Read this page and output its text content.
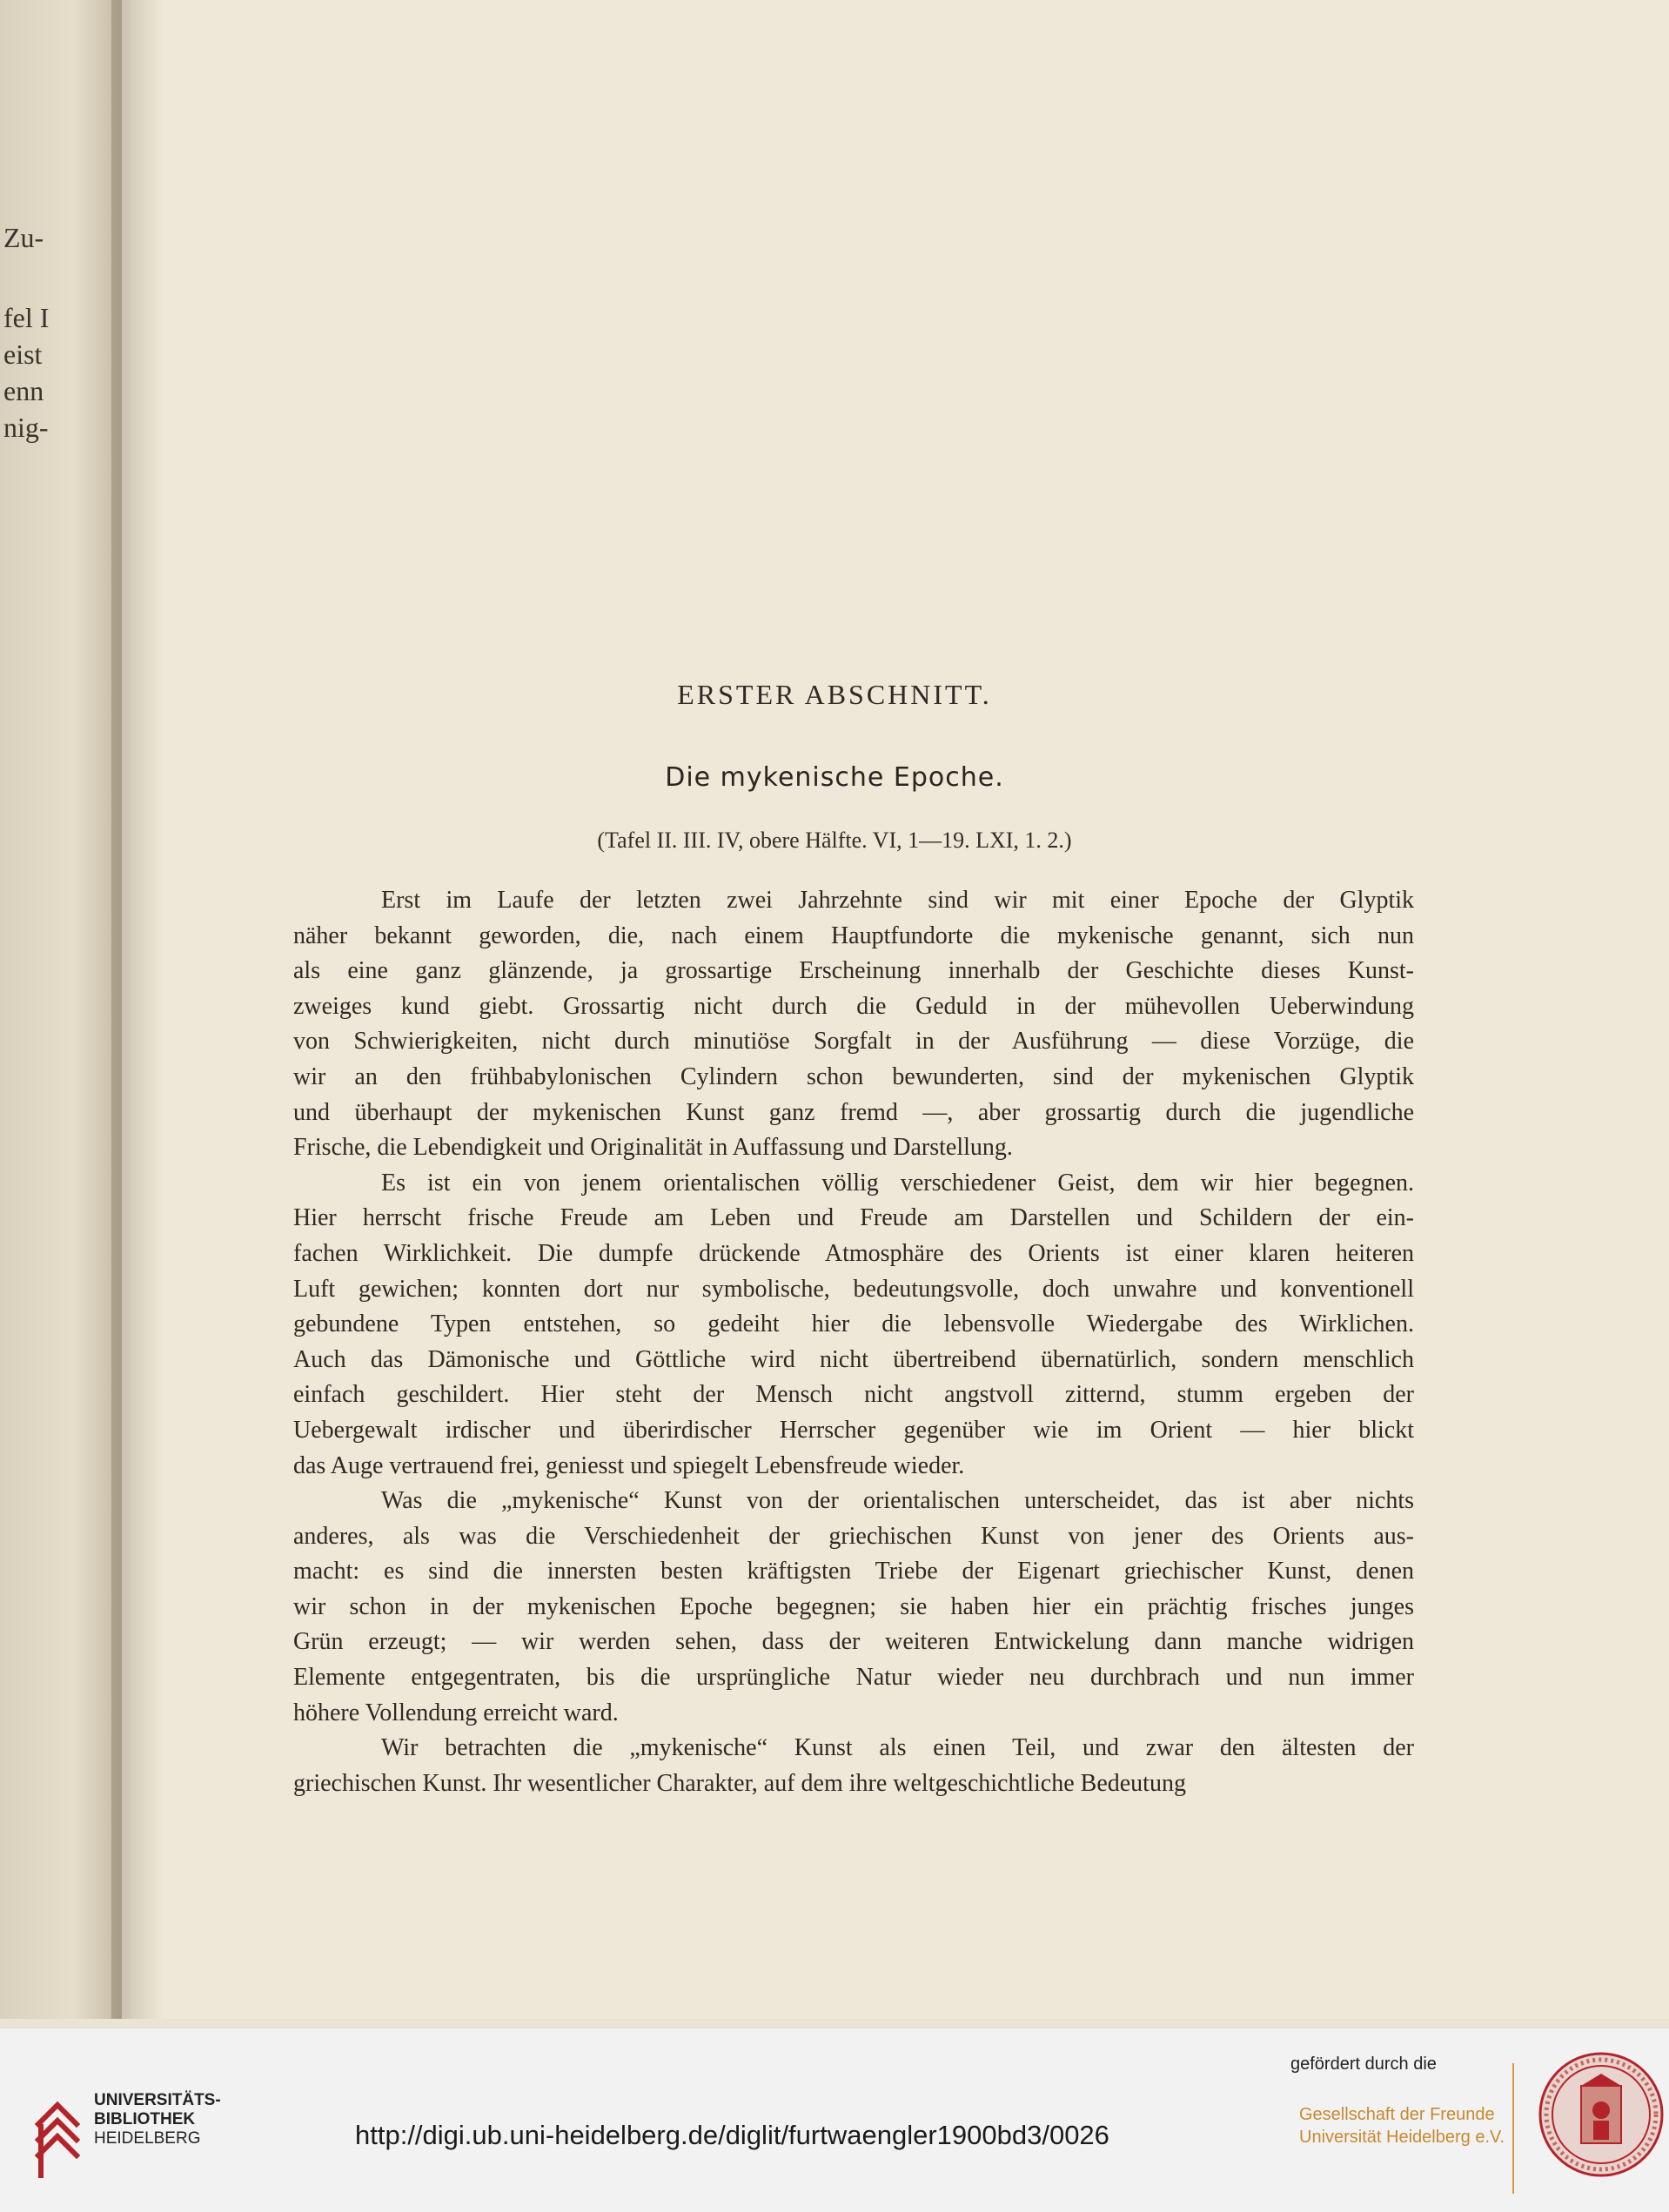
Zu-
fel I
eist
enn
nig-
ERSTER ABSCHNITT.
Die mykenische Epoche.
(Tafel II. III. IV, obere Hälfte. VI, 1—19. LXI, 1. 2.)
Erst im Laufe der letzten zwei Jahrzehnte sind wir mit einer Epoche der Glyptik
näher bekannt geworden, die, nach einem Hauptfundorte die mykenische genannt, sich nun
als eine ganz glänzende, ja grossartige Erscheinung innerhalb der Geschichte dieses Kunst-
zweiges kund giebt. Grossartig nicht durch die Geduld in der mühevollen Ueberwindung
von Schwierigkeiten, nicht durch minutiöse Sorgfalt in der Ausführung — diese Vorzüge, die
wir an den frühbabylonischen Cylindern schon bewunderten, sind der mykenischen Glyptik
und überhaupt der mykenischen Kunst ganz fremd —, aber grossartig durch die jugendliche
Frische, die Lebendigkeit und Originalität in Auffassung und Darstellung.
Es ist ein von jenem orientalischen völlig verschiedener Geist, dem wir hier begegnen.
Hier herrscht frische Freude am Leben und Freude am Darstellen und Schildern der ein-
fachen Wirklichkeit. Die dumpfe drückende Atmosphäre des Orients ist einer klaren heiteren
Luft gewichen; konnten dort nur symbolische, bedeutungsvolle, doch unwahre und konventionell
gebundene Typen entstehen, so gedeiht hier die lebensvolle Wiedergabe des Wirklichen.
Auch das Dämonische und Göttliche wird nicht übertreibend übernatürlich, sondern menschlich
einfach geschildert. Hier steht der Mensch nicht angstvoll zitternd, stumm ergeben der
Uebergewalt irdischer und überirdischer Herrscher gegenüber wie im Orient — hier blickt
das Auge vertrauend frei, geniesst und spiegelt Lebensfreude wieder.
Was die „mykenische“ Kunst von der orientalischen unterscheidet, das ist aber nichts
anderes, als was die Verschiedenheit der griechischen Kunst von jener des Orients aus-
macht: es sind die innersten besten kräftigsten Triebe der Eigenart griechischer Kunst, denen
wir schon in der mykenischen Epoche begegnen; sie haben hier ein prächtig frisches junges
Grün erzeugt; — wir werden sehen, dass der weiteren Entwickelung dann manche widrigen
Elemente entgegentraten, bis die ursprüngliche Natur wieder neu durchbrach und nun immer
höhere Vollendung erreicht ward.
Wir betrachten die „mykenische“ Kunst als einen Teil, und zwar den ältesten der
griechischen Kunst. Ihr wesentlicher Charakter, auf dem ihre weltgeschichtliche Bedeutung
UNIVERSITÄTS-
BIBLIOTHEK
HEIDELBERG	http://digi.ub.uni-heidelberg.de/diglit/furtwaengler1900bd3/0026
gefördert durch die
Gesellschaft der Freunde
Universität Heidelberg e.V.
